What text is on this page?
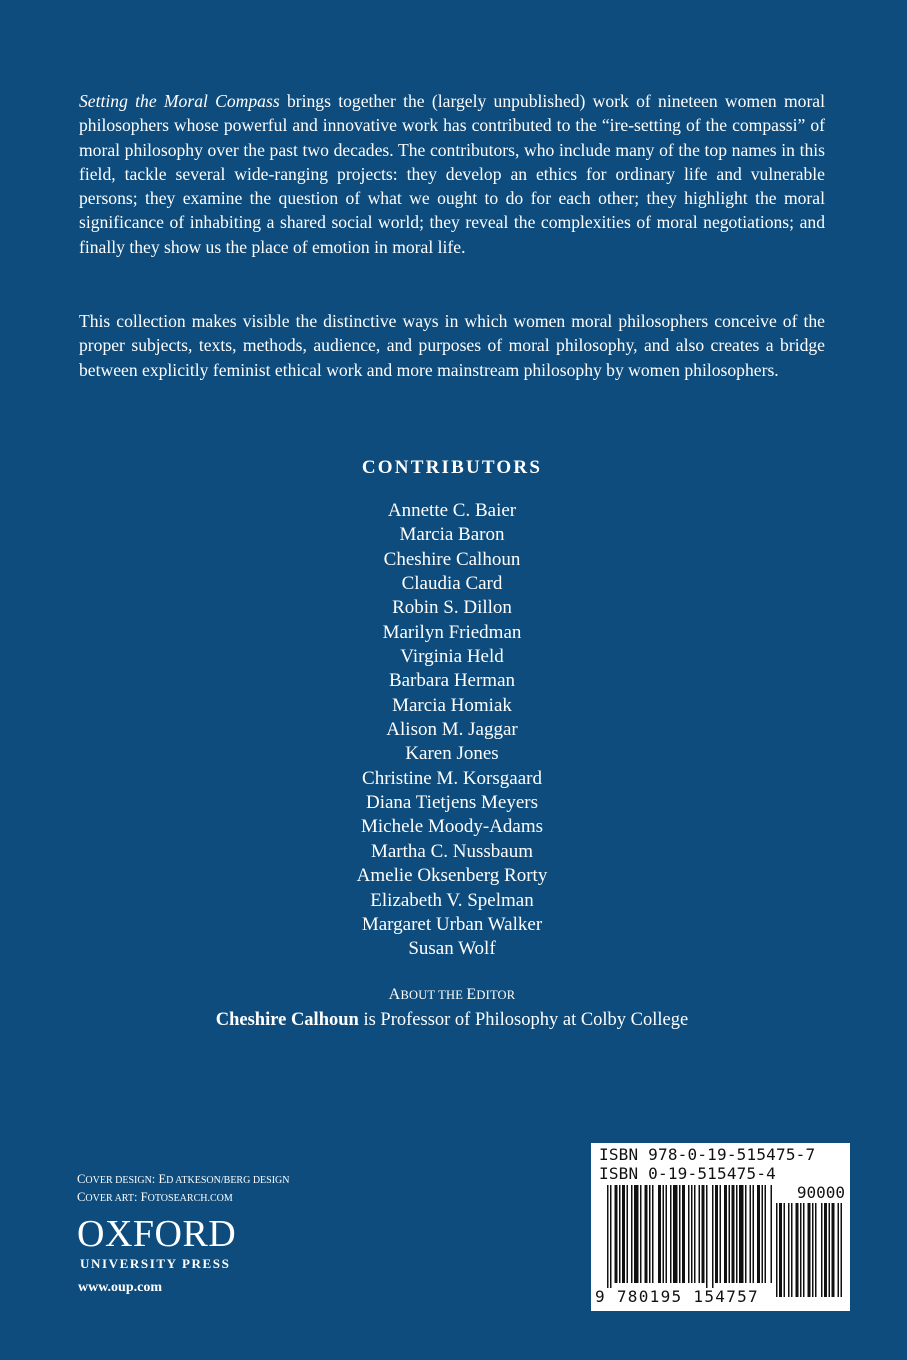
Setting the Moral Compass brings together the (largely unpublished) work of nineteen women moral philosophers whose powerful and innovative work has contributed to the “ire-setting of the compassi” of moral philosophy over the past two decades. The contributors, who include many of the top names in this field, tackle several wide-ranging projects: they develop an ethics for ordinary life and vulnerable persons; they examine the question of what we ought to do for each other; they highlight the moral significance of inhabiting a shared social world; they reveal the complexities of moral negotiations; and finally they show us the place of emotion in moral life.

This collection makes visible the distinctive ways in which women moral philosophers conceive of the proper subjects, texts, methods, audience, and purposes of moral philosophy, and also creates a bridge between explicitly feminist ethical work and more mainstream philosophy by women philosophers.

CONTRIBUTORS
Annette C. Baier
Marcia Baron
Cheshire Calhoun
Claudia Card
Robin S. Dillon
Marilyn Friedman
Virginia Held
Barbara Herman
Marcia Homiak
Alison M. Jaggar
Karen Jones
Christine M. Korsgaard
Diana Tietjens Meyers
Michele Moody-Adams
Martha C. Nussbaum
Amelie Oksenberg Rorty
Elizabeth V. Spelman
Margaret Urban Walker
Susan Wolf

ABOUT THE EDITOR

Cheshire Calhoun is Professor of Philosophy at Colby College

COVER DESIGN: ED ATKESON/BERG DESIGN
COVER ART: FOTOSEARCH.COM
OXFORD
UNIVERSITY PRESS
www.oup.com

ISBN 978-0-19-515475-7

ISBN 0-19-515475-4

90000

9 780195 154757
